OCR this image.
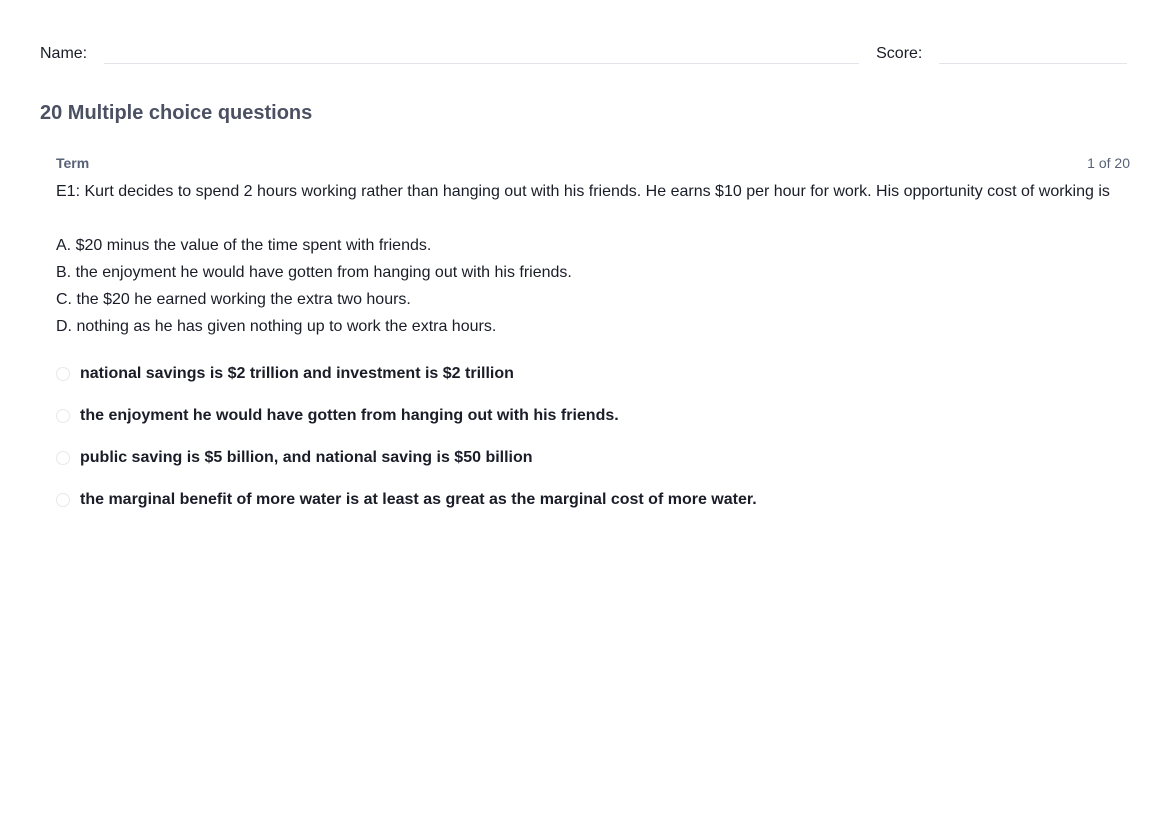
Name:	Score:
20 Multiple choice questions
Term	1 of 20

E1: Kurt decides to spend 2 hours working rather than hanging out with his friends. He earns $10 per hour for work. His opportunity cost of working is

A. $20 minus the value of the time spent with friends.

B. the enjoyment he would have gotten from hanging out with his friends.

C. the $20 he earned working the extra two hours.

D. nothing as he has given nothing up to work the extra hours.

national savings is $2 trillion and investment is $2 trillion
the enjoyment he would have gotten from hanging out with his friends.
public saving is $5 billion, and national saving is $50 billion
the marginal benefit of more water is at least as great as the marginal cost of more water.
